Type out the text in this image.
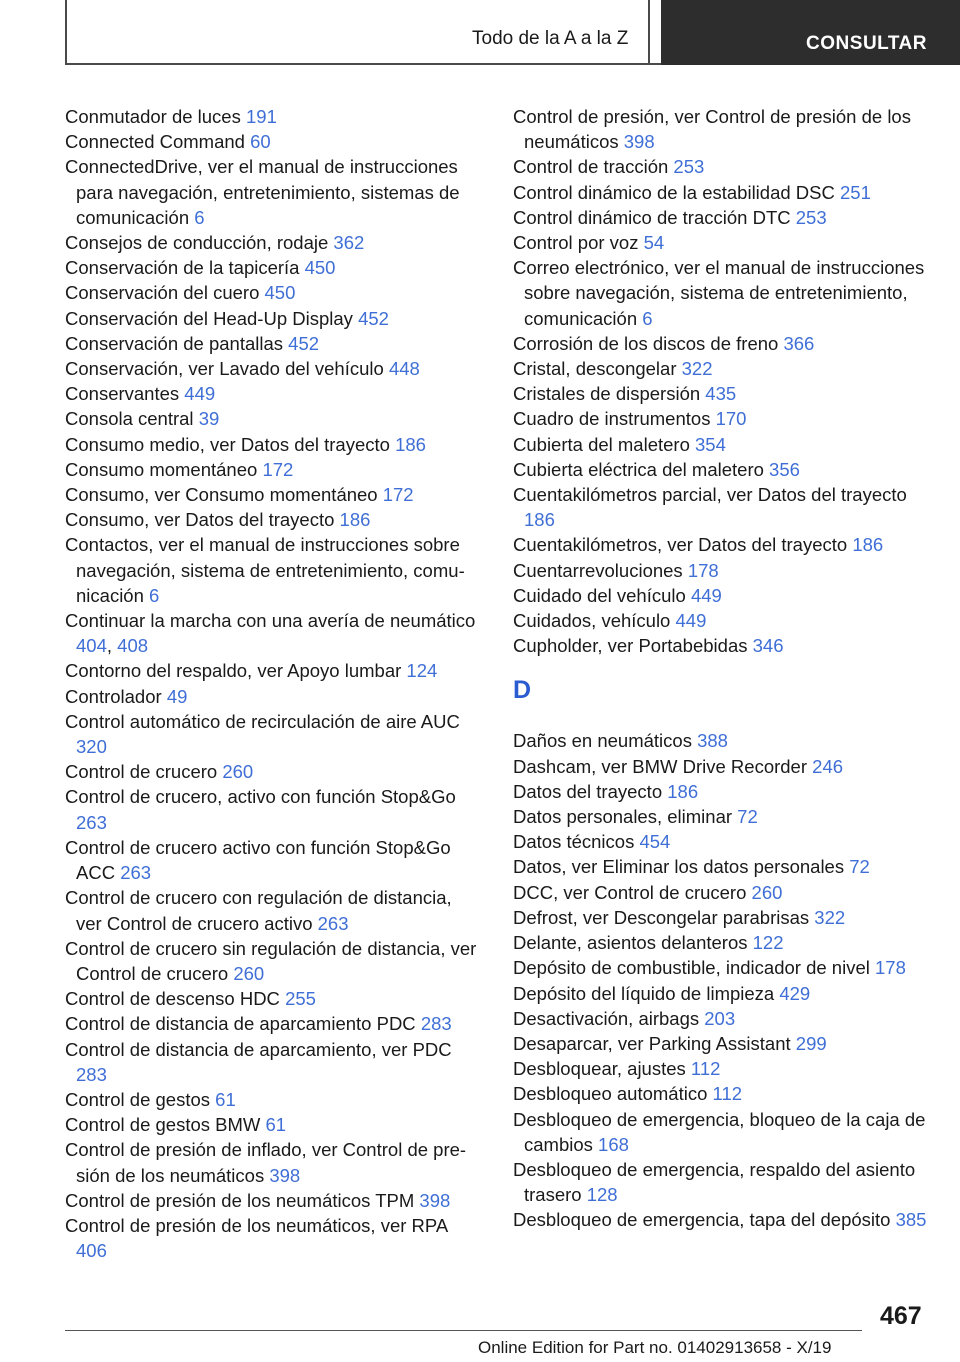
Todo de la A a la Z	CONSULTAR
Conmutador de luces 191
Connected Command 60
ConnectedDrive, ver el manual de instrucciones para navegación, entretenimiento, sistemas de comunicación 6
Consejos de conducción, rodaje 362
Conservación de la tapicería 450
Conservación del cuero 450
Conservación del Head-Up Display 452
Conservación de pantallas 452
Conservación, ver Lavado del vehículo 448
Conservantes 449
Consola central 39
Consumo medio, ver Datos del trayecto 186
Consumo momentáneo 172
Consumo, ver Consumo momentáneo 172
Consumo, ver Datos del trayecto 186
Contactos, ver el manual de instrucciones sobre navegación, sistema de entretenimiento, comunicación 6
Continuar la marcha con una avería de neumático 404, 408
Contorno del respaldo, ver Apoyo lumbar 124
Controlador 49
Control automático de recirculación de aire AUC 320
Control de crucero 260
Control de crucero, activo con función Stop&Go 263
Control de crucero activo con función Stop&Go ACC 263
Control de crucero con regulación de distancia, ver Control de crucero activo 263
Control de crucero sin regulación de distancia, ver Control de crucero 260
Control de descenso HDC 255
Control de distancia de aparcamiento PDC 283
Control de distancia de aparcamiento, ver PDC 283
Control de gestos 61
Control de gestos BMW 61
Control de presión de inflado, ver Control de presión de los neumáticos 398
Control de presión de los neumáticos TPM 398
Control de presión de los neumáticos, ver RPA 406
Control de presión, ver Control de presión de los neumáticos 398
Control de tracción 253
Control dinámico de la estabilidad DSC 251
Control dinámico de tracción DTC 253
Control por voz 54
Correo electrónico, ver el manual de instrucciones sobre navegación, sistema de entretenimiento, comunicación 6
Corrosión de los discos de freno 366
Cristal, descongelar 322
Cristales de dispersión 435
Cuadro de instrumentos 170
Cubierta del maletero 354
Cubierta eléctrica del maletero 356
Cuentakilómetros parcial, ver Datos del trayecto 186
Cuentakilómetros, ver Datos del trayecto 186
Cuentarrevoluciones 178
Cuidado del vehículo 449
Cuidados, vehículo 449
Cupholder, ver Portabebidas 346
D
Daños en neumáticos 388
Dashcam, ver BMW Drive Recorder 246
Datos del trayecto 186
Datos personales, eliminar 72
Datos técnicos 454
Datos, ver Eliminar los datos personales 72
DCC, ver Control de crucero 260
Defrost, ver Descongelar parabrisas 322
Delante, asientos delanteros 122
Depósito de combustible, indicador de nivel 178
Depósito del líquido de limpieza 429
Desactivación, airbags 203
Desaparcar, ver Parking Assistant 299
Desbloquear, ajustes 112
Desbloqueo automático 112
Desbloqueo de emergencia, bloqueo de la caja de cambios 168
Desbloqueo de emergencia, respaldo del asiento trasero 128
Desbloqueo de emergencia, tapa del depósito 385
467
Online Edition for Part no. 01402913658 - X/19
